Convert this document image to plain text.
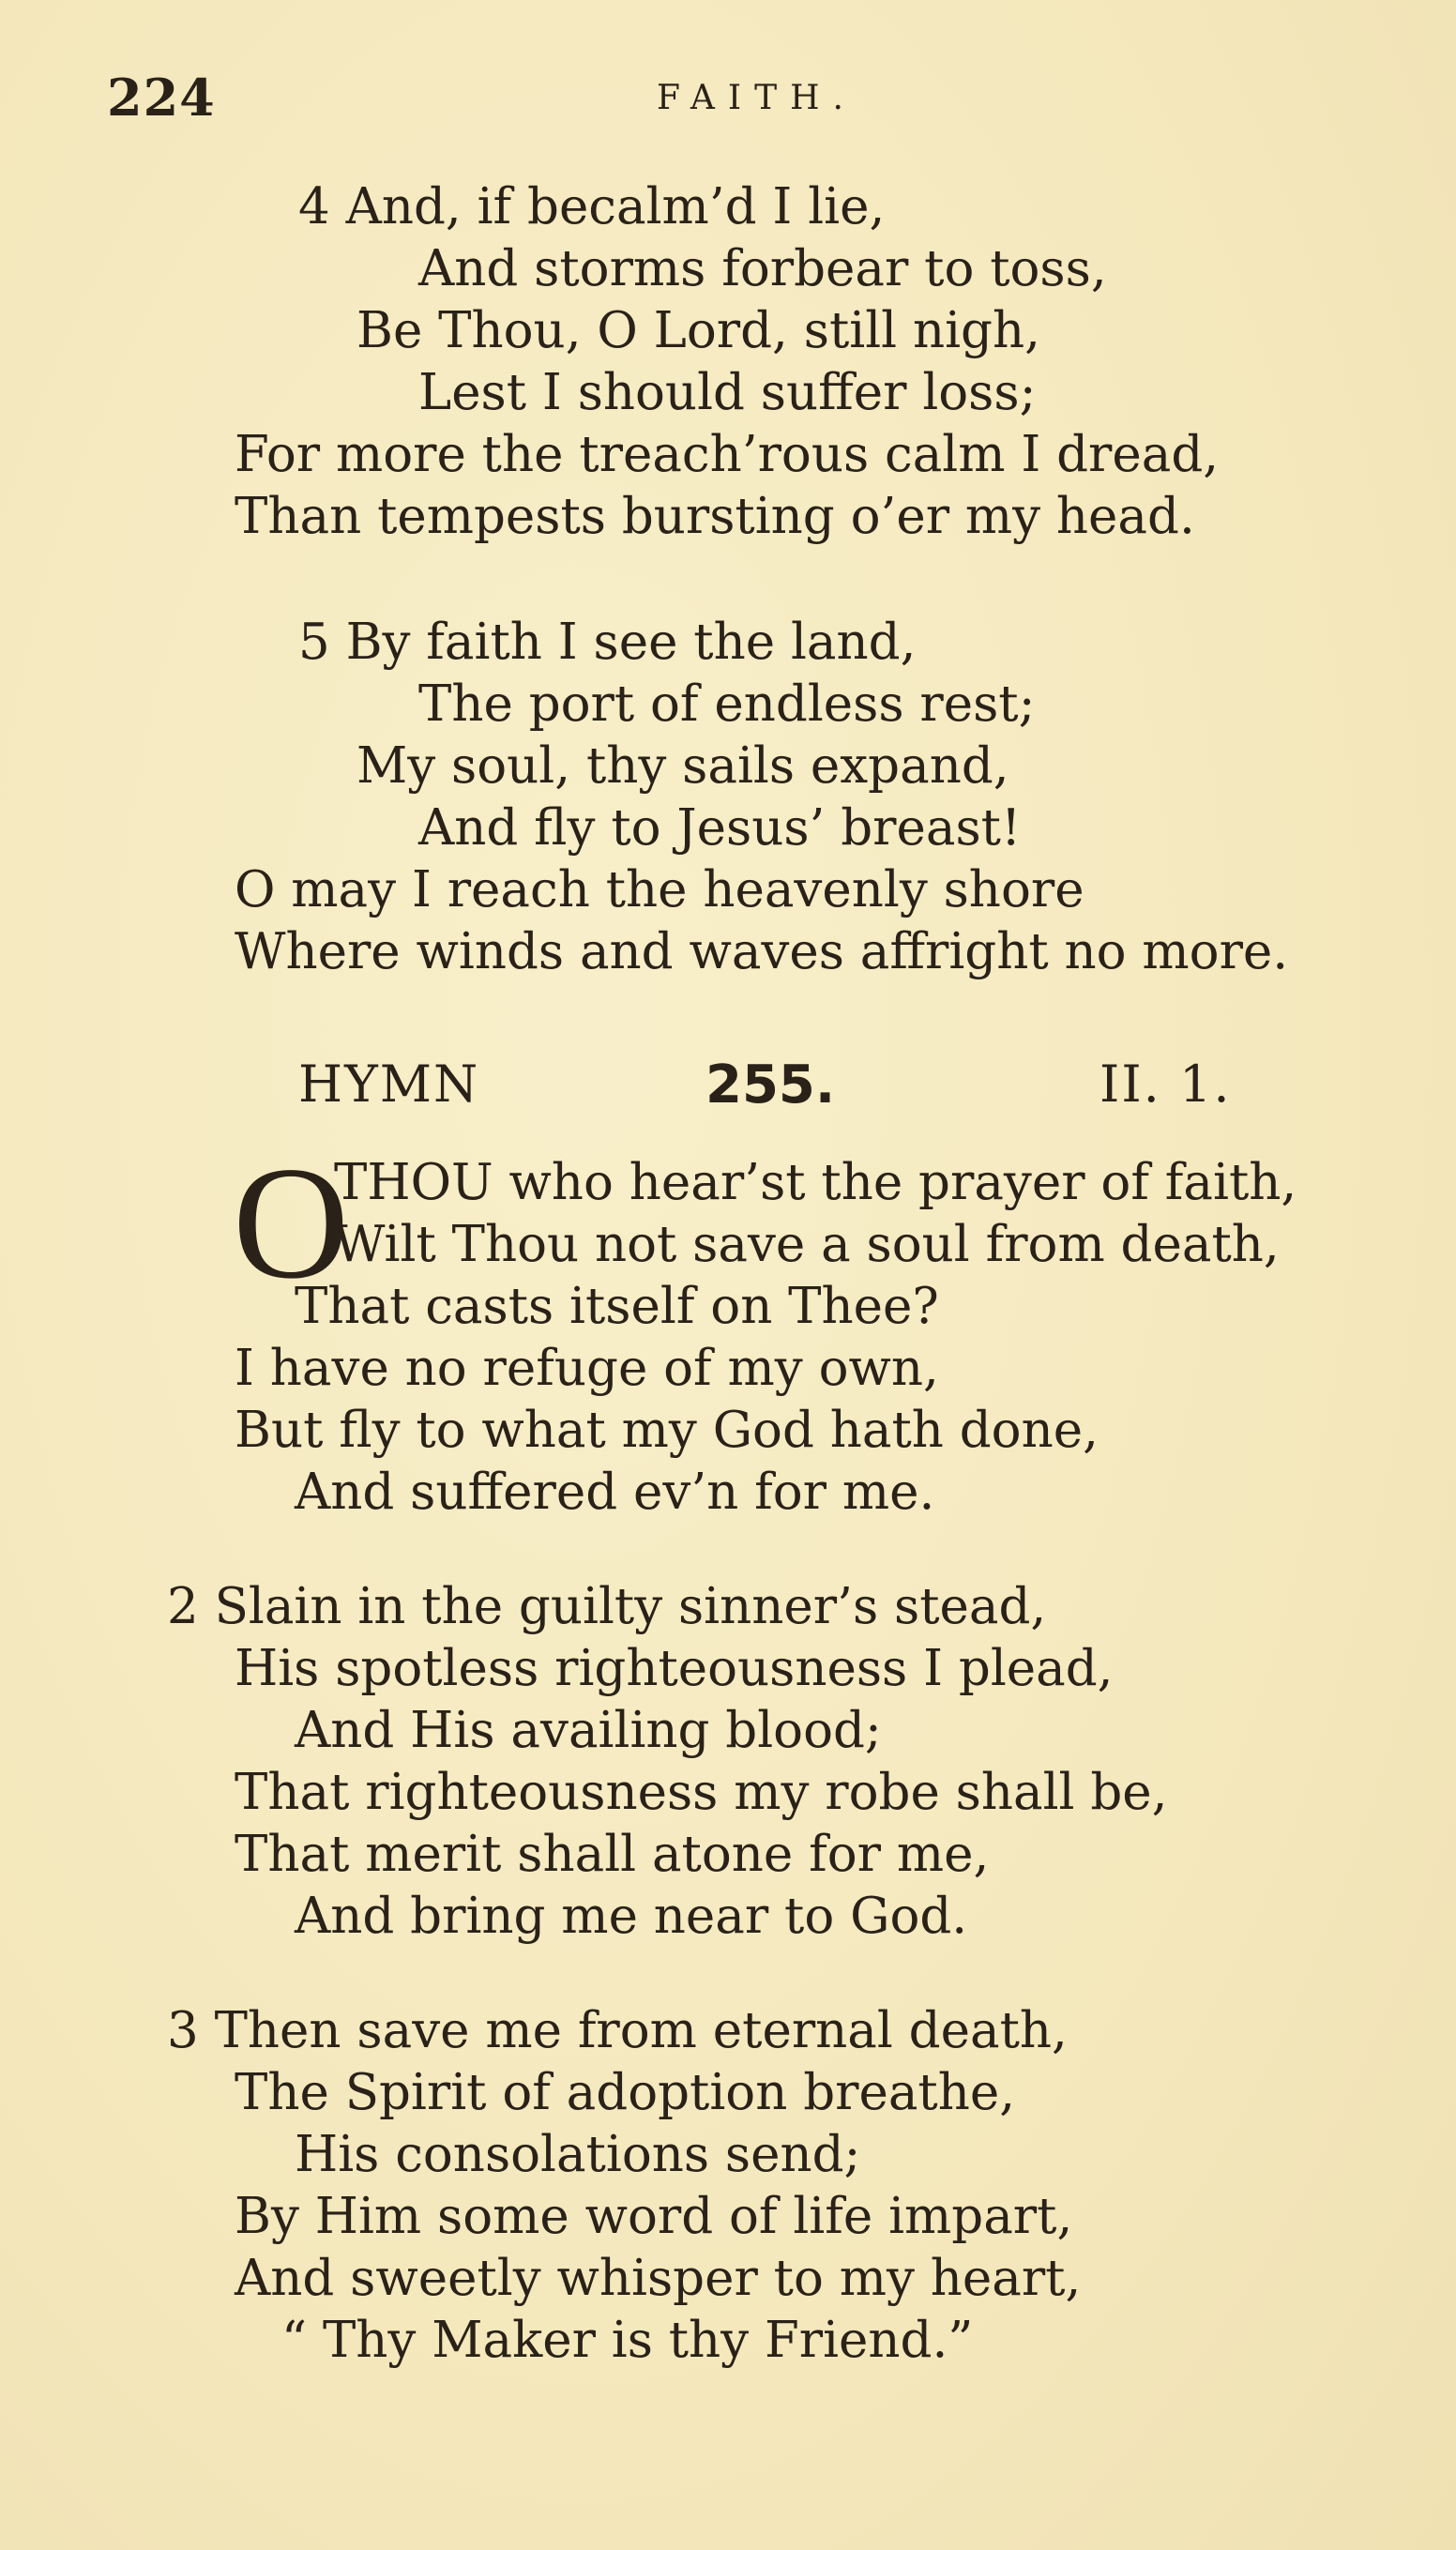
224	FAITH.
4 And, if becalm’d I lie,
And storms forbear to toss,
Be Thou, O Lord, still nigh,
Lest I should suffer loss;
For more the treach’rous calm I dread,
Than tempests bursting o’er my head.
5 By faith I see the land,
The port of endless rest;
My soul, thy sails expand,
And fly to Jesus’ breast!
O may I reach the heavenly shore
Where winds and waves affright no more.
HYMN	255.	II. 1.
O
THOU who hear’st the prayer of faith,
Wilt Thou not save a soul from death,
That casts itself on Thee?
I have no refuge of my own,
But fly to what my God hath done,
And suffered ev’n for me.
2 Slain in the guilty sinner’s stead,
His spotless righteousness I plead,
And His availing blood;
That righteousness my robe shall be,
That merit shall atone for me,
And bring me near to God.
3 Then save me from eternal death,
The Spirit of adoption breathe,
His consolations send;
By Him some word of life impart,
And sweetly whisper to my heart,
“ Thy Maker is thy Friend.”
